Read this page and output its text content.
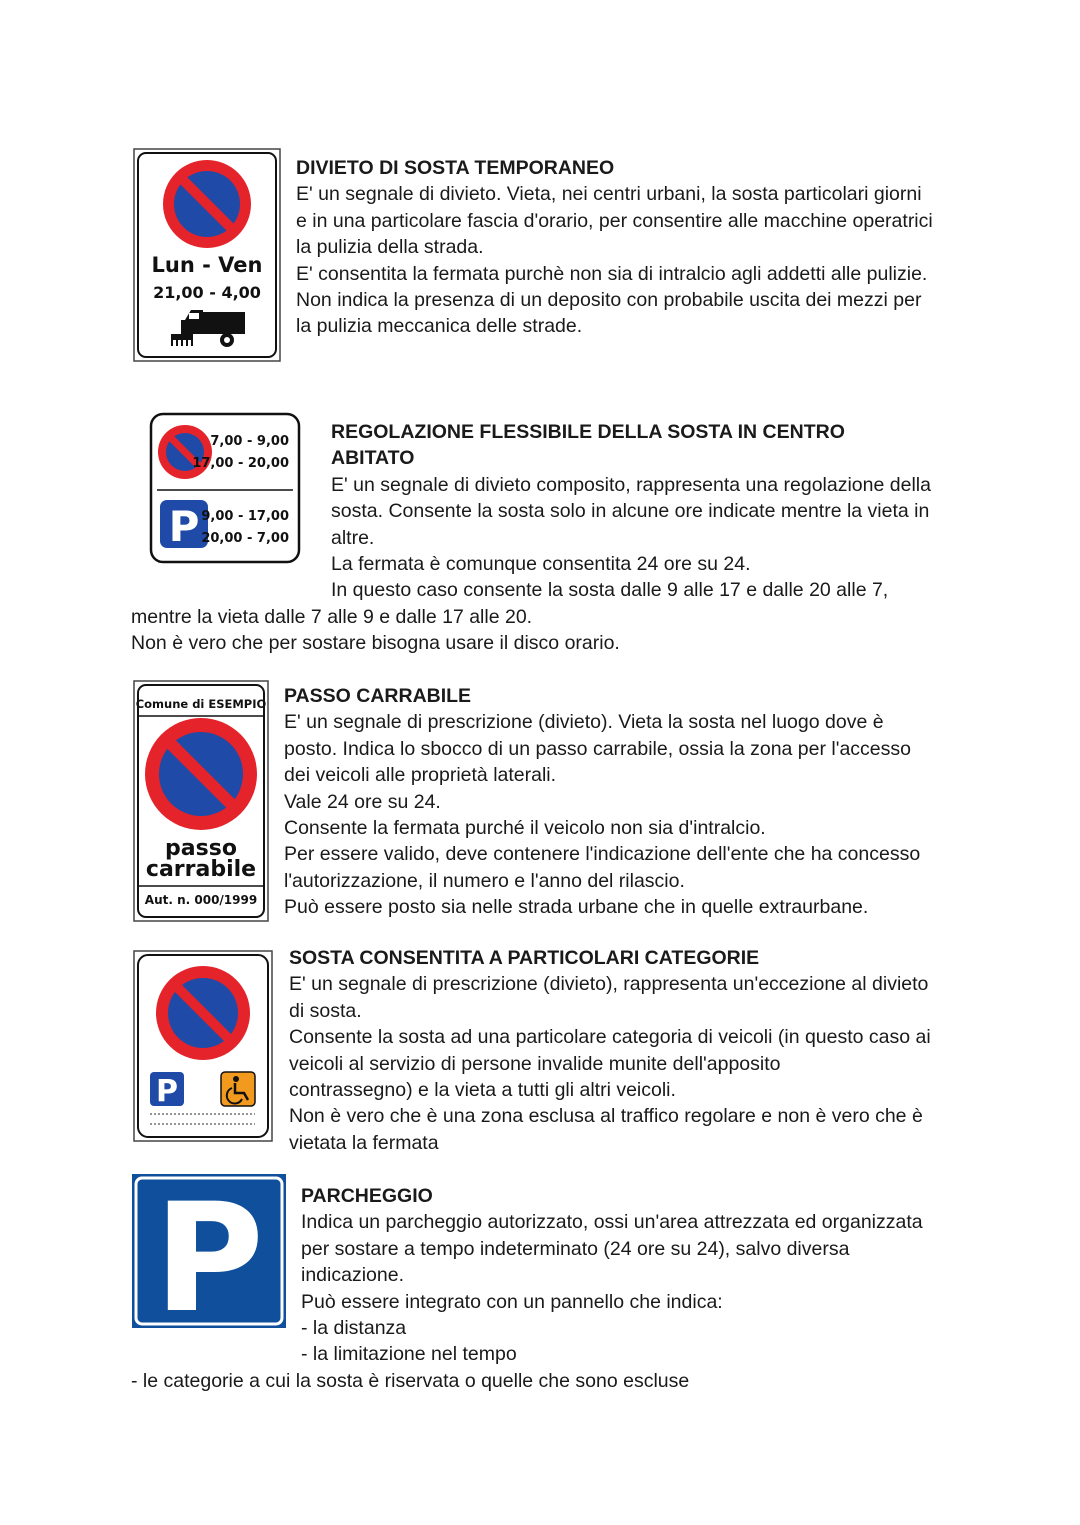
Lun - Ven
21,00 - 4,00
DIVIETO DI SOSTA TEMPORANEO
E' un segnale di divieto. Vieta, nei centri urbani, la sosta particolari giorni
e in una particolare fascia d'orario, per consentire alle macchine operatrici
la pulizia della strada.
E' consentita la fermata purchè non sia di intralcio agli addetti alle pulizie.
Non indica la presenza di un deposito con probabile uscita dei mezzi per
la pulizia meccanica delle strade.
7,00 - 9,00
17,00 - 20,00
P 9,00 - 17,00
20,00 - 7,00
REGOLAZIONE FLESSIBILE DELLA SOSTA IN CENTRO
ABITATO
E' un segnale di divieto composito, rappresenta una regolazione della
sosta. Consente la sosta solo in alcune ore indicate mentre la vieta in
altre.
La fermata è comunque consentita 24 ore su 24.
In questo caso consente la sosta dalle 9 alle 17 e dalle 20 alle 7,
mentre la vieta dalle 7 alle 9 e dalle 17 alle 20.
Non è vero che per sostare bisogna usare il disco orario.
Comune di ESEMPIO
passo
carrabile
Aut. n. 000/1999
PASSO CARRABILE
E' un segnale di prescrizione (divieto). Vieta la sosta nel luogo dove è
posto. Indica lo sbocco di un passo carrabile, ossia la zona per l'accesso
dei veicoli alle proprietà laterali.
Vale 24 ore su 24.
Consente la fermata purché il veicolo non sia d'intralcio.
Per essere valido, deve contenere l'indicazione dell'ente che ha concesso
l'autorizzazione, il numero e l'anno del rilascio.
Può essere posto sia nelle strada urbane che in quelle extraurbane.
P
SOSTA CONSENTITA A PARTICOLARI CATEGORIE
E' un segnale di prescrizione (divieto), rappresenta un'eccezione al divieto
di sosta.
Consente la sosta ad una particolare categoria di veicoli (in questo caso ai
veicoli al servizio di persone invalide munite dell'apposito
contrassegno) e la vieta a tutti gli altri veicoli.
Non è vero che è una zona esclusa al traffico regolare e non è vero che è
vietata la fermata
P PARCHEGGIO
Indica un parcheggio autorizzato, ossi un'area attrezzata ed organizzata
per sostare a tempo indeterminato (24 ore su 24), salvo diversa
indicazione.
Può essere integrato con un pannello che indica:
- la distanza
- la limitazione nel tempo
- le categorie a cui la sosta è riservata o quelle che sono escluse
